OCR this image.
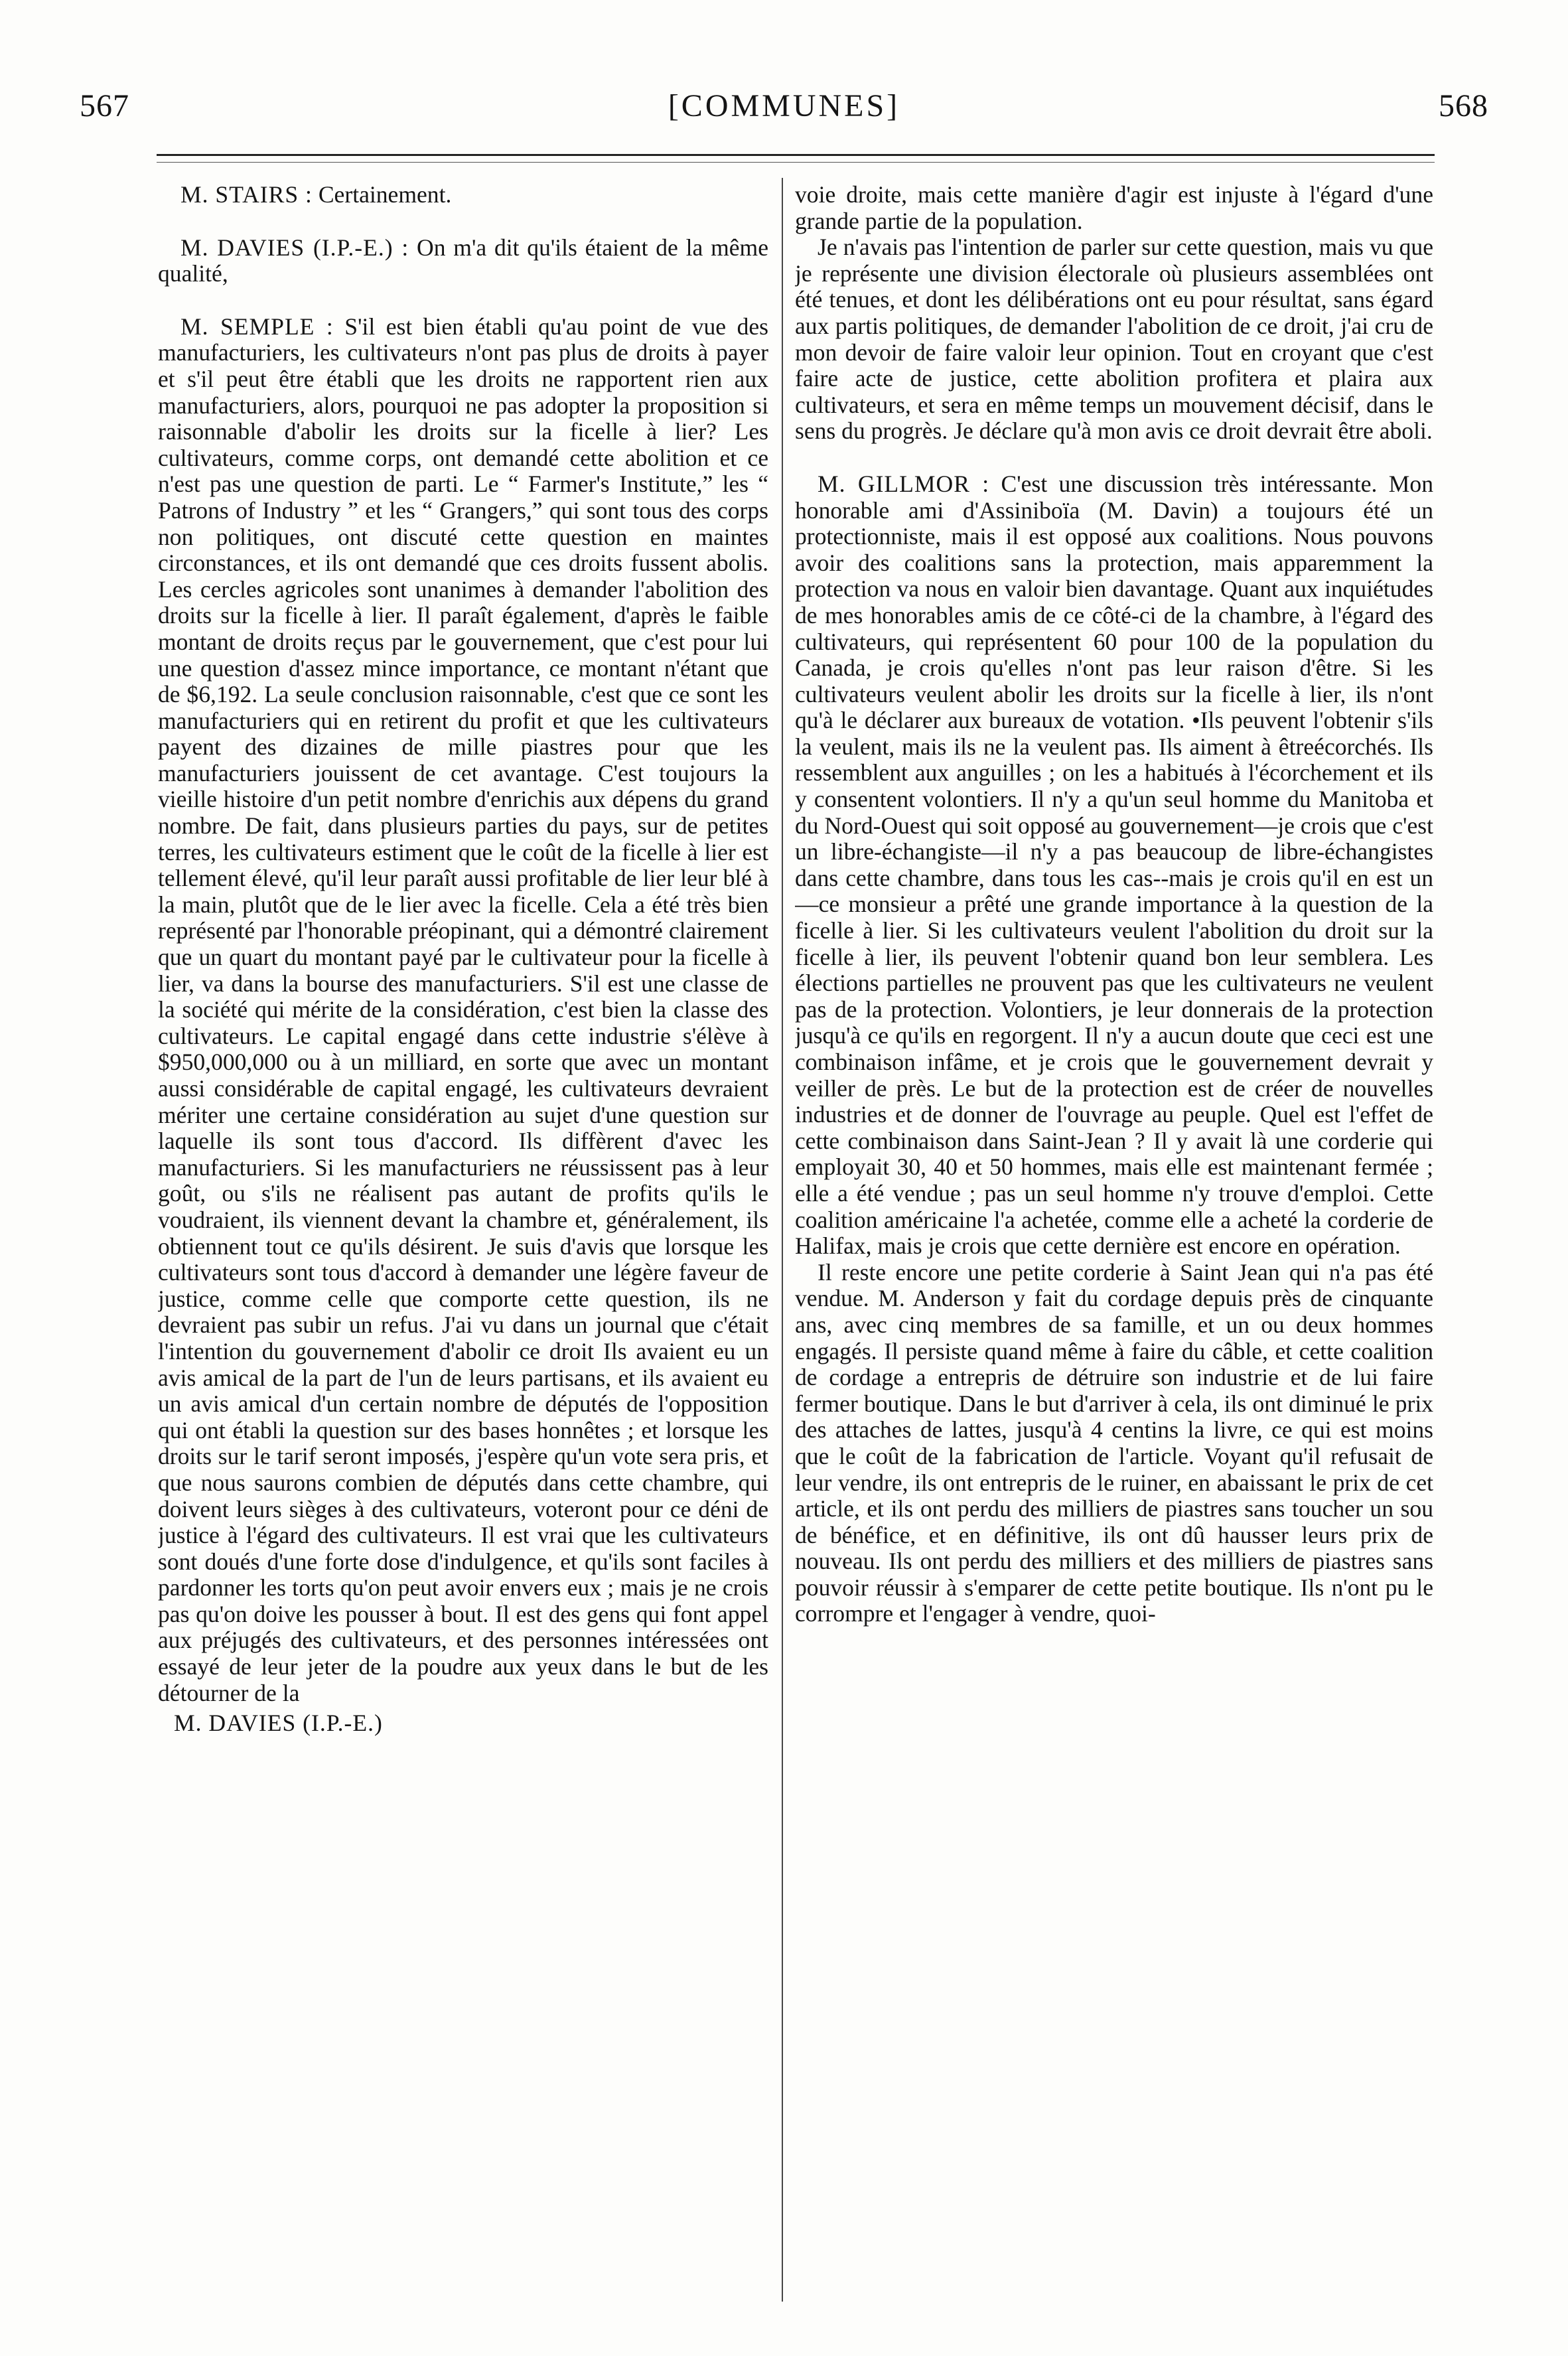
567	[COMMUNES]	568

M. STAIRS : Certainement.

M. DAVIES (I.P.-E.) : On m'a dit qu'ils étaient de la même qualité,

M. SEMPLE : S'il est bien établi qu'au point de vue des manufacturiers, les cultivateurs n'ont pas plus de droits à payer et s'il peut être établi que les droits ne rapportent rien aux manufacturiers, alors, pourquoi ne pas adopter la proposition si raisonnable d'abolir les droits sur la ficelle à lier? Les cultivateurs, comme corps, ont demandé cette abolition et ce n'est pas une question de parti. Le “ Farmer's Institute,” les “ Patrons of Industry ” et les “ Grangers,” qui sont tous des corps non politiques, ont discuté cette question en maintes circonstances, et ils ont demandé que ces droits fussent abolis. Les cercles agricoles sont unanimes à demander l'abolition des droits sur la ficelle à lier. Il paraît également, d'après le faible montant de droits reçus par le gouvernement, que c'est pour lui une question d'assez mince importance, ce montant n'étant que de $6,192. La seule conclusion raisonnable, c'est que ce sont les manufacturiers qui en retirent du profit et que les cultivateurs payent des dizaines de mille piastres pour que les manufacturiers jouissent de cet avantage. C'est toujours la vieille histoire d'un petit nombre d'enrichis aux dépens du grand nombre. De fait, dans plusieurs parties du pays, sur de petites terres, les cultivateurs estiment que le coût de la ficelle à lier est tellement élevé, qu'il leur paraît aussi profitable de lier leur blé à la main, plutôt que de le lier avec la ficelle. Cela a été très bien représenté par l'honorable préopinant, qui a démontré clairement que un quart du montant payé par le cultivateur pour la ficelle à lier, va dans la bourse des manufacturiers. S'il est une classe de la société qui mérite de la considération, c'est bien la classe des cultivateurs. Le capital engagé dans cette industrie s'élève à $950,000,000 ou à un milliard, en sorte que avec un montant aussi considérable de capital engagé, les cultivateurs devraient mériter une certaine considération au sujet d'une question sur laquelle ils sont tous d'accord. Ils diffèrent d'avec les manufacturiers. Si les manufacturiers ne réussissent pas à leur goût, ou s'ils ne réalisent pas autant de profits qu'ils le voudraient, ils viennent devant la chambre et, généralement, ils obtiennent tout ce qu'ils désirent. Je suis d'avis que lorsque les cultivateurs sont tous d'accord à demander une légère faveur de justice, comme celle que comporte cette question, ils ne devraient pas subir un refus. J'ai vu dans un journal que c'était l'intention du gouvernement d'abolir ce droit Ils avaient eu un avis amical de la part de l'un de leurs partisans, et ils avaient eu un avis amical d'un certain nombre de députés de l'opposition qui ont établi la question sur des bases honnêtes ; et lorsque les droits sur le tarif seront imposés, j'espère qu'un vote sera pris, et que nous saurons combien de députés dans cette chambre, qui doivent leurs sièges à des cultivateurs, voteront pour ce déni de justice à l'égard des cultivateurs. Il est vrai que les cultivateurs sont doués d'une forte dose d'indulgence, et qu'ils sont faciles à pardonner les torts qu'on peut avoir envers eux ; mais je ne crois pas qu'on doive les pousser à bout. Il est des gens qui font appel aux préjugés des cultivateurs, et des personnes intéressées ont essayé de leur jeter de la poudre aux yeux dans le but de les détourner de la

M. DAVIES (I.P.-E.)

voie droite, mais cette manière d'agir est injuste à l'égard d'une grande partie de la population.

Je n'avais pas l'intention de parler sur cette question, mais vu que je représente une division électorale où plusieurs assemblées ont été tenues, et dont les délibérations ont eu pour résultat, sans égard aux partis politiques, de demander l'abolition de ce droit, j'ai cru de mon devoir de faire valoir leur opinion. Tout en croyant que c'est faire acte de justice, cette abolition profitera et plaira aux cultivateurs, et sera en même temps un mouvement décisif, dans le sens du progrès. Je déclare qu'à mon avis ce droit devrait être aboli.

M. GILLMOR : C'est une discussion très intéressante. Mon honorable ami d'Assiniboïa (M. Davin) a toujours été un protectionniste, mais il est opposé aux coalitions. Nous pouvons avoir des coalitions sans la protection, mais apparemment la protection va nous en valoir bien davantage. Quant aux inquiétudes de mes honorables amis de ce côté-ci de la chambre, à l'égard des cultivateurs, qui représentent 60 pour 100 de la population du Canada, je crois qu'elles n'ont pas leur raison d'être. Si les cultivateurs veulent abolir les droits sur la ficelle à lier, ils n'ont qu'à le déclarer aux bureaux de votation. •Ils peuvent l'obtenir s'ils la veulent, mais ils ne la veulent pas. Ils aiment à êtreécorchés. Ils ressemblent aux anguilles ; on les a habitués à l'écorchement et ils y consentent volontiers. Il n'y a qu'un seul homme du Manitoba et du Nord-Ouest qui soit opposé au gouvernement—je crois que c'est un libre-échangiste—il n'y a pas beaucoup de libre-échangistes dans cette chambre, dans tous les cas--mais je crois qu'il en est un—ce monsieur a prêté une grande importance à la question de la ficelle à lier. Si les cultivateurs veulent l'abolition du droit sur la ficelle à lier, ils peuvent l'obtenir quand bon leur semblera. Les élections partielles ne prouvent pas que les cultivateurs ne veulent pas de la protection. Volontiers, je leur donnerais de la protection jusqu'à ce qu'ils en regorgent. Il n'y a aucun doute que ceci est une combinaison infâme, et je crois que le gouvernement devrait y veiller de près. Le but de la protection est de créer de nouvelles industries et de donner de l'ouvrage au peuple. Quel est l'effet de cette combinaison dans Saint-Jean ? Il y avait là une corderie qui employait 30, 40 et 50 hommes, mais elle est maintenant fermée ; elle a été vendue ; pas un seul homme n'y trouve d'emploi. Cette coalition américaine l'a achetée, comme elle a acheté la corderie de Halifax, mais je crois que cette dernière est encore en opération.

Il reste encore une petite corderie à Saint Jean qui n'a pas été vendue. M. Anderson y fait du cordage depuis près de cinquante ans, avec cinq membres de sa famille, et un ou deux hommes engagés. Il persiste quand même à faire du câble, et cette coalition de cordage a entrepris de détruire son industrie et de lui faire fermer boutique. Dans le but d'arriver à cela, ils ont diminué le prix des attaches de lattes, jusqu'à 4 centins la livre, ce qui est moins que le coût de la fabrication de l'article. Voyant qu'il refusait de leur vendre, ils ont entrepris de le ruiner, en abaissant le prix de cet article, et ils ont perdu des milliers de piastres sans toucher un sou de bénéfice, et en définitive, ils ont dû hausser leurs prix de nouveau. Ils ont perdu des milliers et des milliers de piastres sans pouvoir réussir à s'emparer de cette petite boutique. Ils n'ont pu le corrompre et l'engager à vendre, quoi-
